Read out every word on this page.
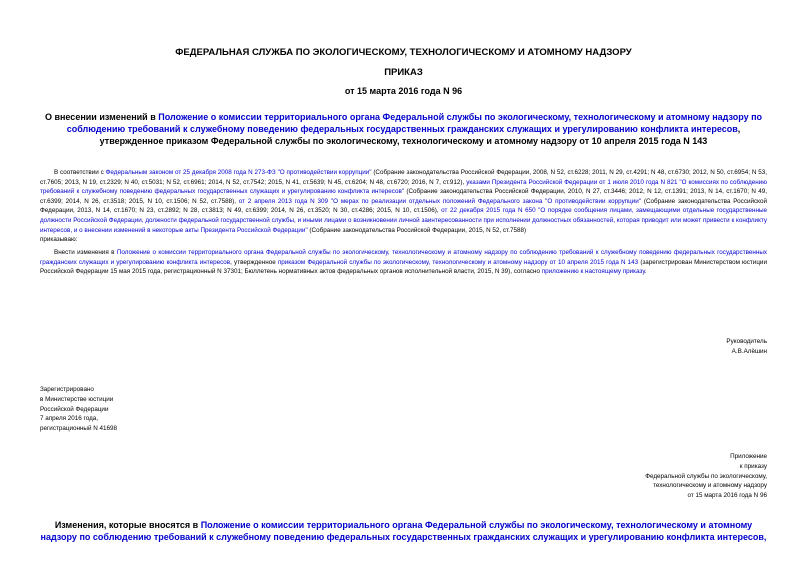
ФЕДЕРАЛЬНАЯ СЛУЖБА ПО ЭКОЛОГИЧЕСКОМУ, ТЕХНОЛОГИЧЕСКОМУ И АТОМНОМУ НАДЗОРУ
ПРИКАЗ
от 15 марта 2016 года N 96
О внесении изменений в Положение о комиссии территориального органа Федеральной службы по экологическому, технологическому и атомному надзору по соблюдению требований к служебному поведению федеральных государственных гражданских служащих и урегулированию конфликта интересов, утвержденное приказом Федеральной службы по экологическому, технологическому и атомному надзору от 10 апреля 2015 года N 143
В соответствии с Федеральным законом от 25 декабря 2008 года N 273-ФЗ "О противодействии коррупции" (Собрание законодательства Российской Федерации, 2008, N 52, ст.6228; 2011, N 29, ст.4291; N 48, ст.6730; 2012, N 50, ст.6954; N 53, ст.7605; 2013, N 19, ст.2329; N 40, ст.5031; N 52, ст.6961; 2014, N 52, ст.7542; 2015, N 41, ст.5639; N 45, ст.6204; N 48, ст.6720; 2016, N 7, ст.912), указами Президента Российской Федерации от 1 июля 2010 года N 821 "О комиссиях по соблюдению требований к служебному поведению федеральных государственных служащих и урегулированию конфликта интересов" (Собрание законодательства Российской Федерации, 2010, N 27, ст.3446; 2012, N 12, ст.1391; 2013, N 14, ст.1670; N 49, ст.6399; 2014, N 26, ст.3518; 2015, N 10, ст.1506; N 52, ст.7588), от 2 апреля 2013 года N 309 "О мерах по реализации отдельных положений Федерального закона "О противодействии коррупции" (Собрание законодательства Российской Федерации, 2013, N 14, ст.1670; N 23, ст.2892; N 28, ст.3813; N 49, ст.6399; 2014, N 26, ст.3520; N 30, ст.4286; 2015, N 10, ст.1506), от 22 декабря 2015 года N 650 "О порядке сообщения лицами, замещающими отдельные государственные должности Российской Федерации, должности федеральной государственной службы, и иными лицами о возникновении личной заинтересованности при исполнении должностных обязанностей, которая приводит или может привести к конфликту интересов, и о внесении изменений в некоторые акты Президента Российской Федерации" (Собрание законодательства Российской Федерации, 2015, N 52, ст.7588)
приказываю:
Внести изменения в Положение о комиссии территориального органа Федеральной службы по экологическому, технологическому и атомному надзору по соблюдению требований к служебному поведению федеральных государственных гражданских служащих и урегулированию конфликта интересов, утвержденное приказом Федеральной службы по экологическому, технологическому и атомному надзору от 10 апреля 2015 года N 143 (зарегистрирован Министерством юстиции Российской Федерации 15 мая 2015 года, регистрационный N 37301; Бюллетень нормативных актов федеральных органов исполнительной власти, 2015, N 39), согласно приложению к настоящему приказу.
Руководитель
А.В.Алёшин
Зарегистрировано
в Министерстве юстиции
Российской Федерации
7 апреля 2016 года,
регистрационный N 41698
Приложение
к приказу
Федеральной службы по экологическому,
технологическому и атомному надзору
от 15 марта 2016 года N 96
Изменения, которые вносятся в Положение о комиссии территориального органа Федеральной службы по экологическому, технологическому и атомному надзору по соблюдению требований к служебному поведению федеральных государственных гражданских служащих и урегулированию конфликта интересов,
